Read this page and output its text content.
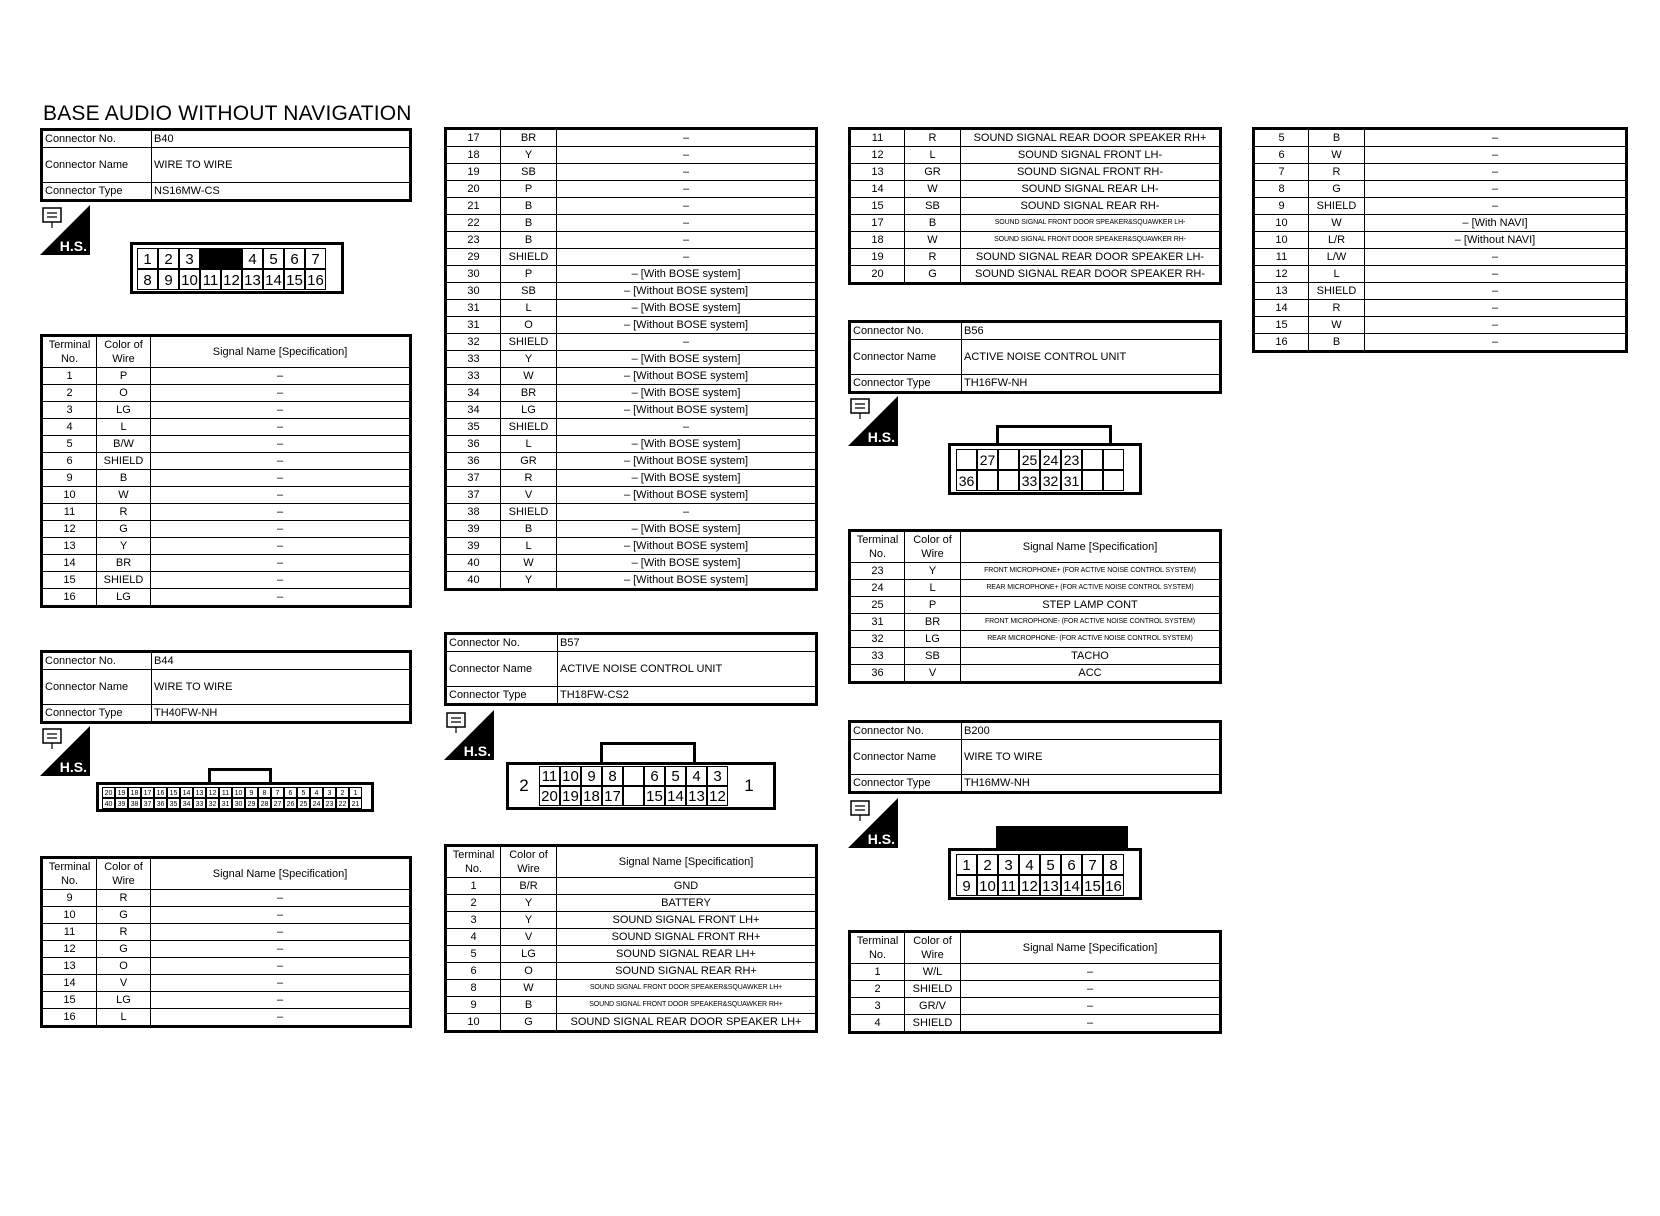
BASE AUDIO WITHOUT NAVIGATION
Connector No.	B40
Connector Name	WIRE TO WIRE
Connector Type	NS16MW-CS
H.S.
1 2 3	4 5 6 7
8 9 10 11 12 13 14 15 16
Terminal No.	Color of Wire	Signal Name [Specification]
1	P	–
2	O	–
3	LG	–
4	L	–
5	B/W	–
6	SHIELD	–
9	B	–
10	W	–
11	R	–
12	G	–
13	Y	–
14	BR	–
15	SHIELD	–
16	LG	–
Connector No.	B44
Connector Name	WIRE TO WIRE
Connector Type	TH40FW-NH
H.S.
20 19 18 17 16 15 14 13 12 11 10	9	8	7	6	5	4	3	2	1
40 39 38 37 36 35 34 33 32 31 30 29 28 27 26 25 24 23 22 21
Terminal No.	Color of Wire	Signal Name [Specification]
9	R	–
10	G	–
11	R	–
12	G	–
13	O	–
14	V	–
15	LG	–
16	L	–
17	BR	–
18	Y	–
19	SB	–
20	P	–
21	B	–
22	B	–
23	B	–
29	SHIELD	–
30	P	– [With BOSE system]
30	SB	– [Without BOSE system]
31	L	– [With BOSE system]
31	O	– [Without BOSE system]
32	SHIELD	–
33	Y	– [With BOSE system]
33	W	– [Without BOSE system]
34	BR	– [With BOSE system]
34	LG	– [Without BOSE system]
35	SHIELD	–
36	L	– [With BOSE system]
36	GR	– [Without BOSE system]
37	R	– [With BOSE system]
37	V	– [Without BOSE system]
38	SHIELD	–
39	B	– [With BOSE system]
39	L	– [Without BOSE system]
40	W	– [With BOSE system]
40	Y	– [Without BOSE system]
Connector No.	B57
Connector Name	ACTIVE NOISE CONTROL UNIT
Connector Type	TH18FW-CS2
H.S.
2 11 10 9 8	6 5 4 3
20 19 18 17 15 14 13 12
1
Terminal No.	Color of Wire	Signal Name [Specification]
1	B/R	GND
2	Y	BATTERY
3	Y	SOUND SIGNAL FRONT LH+
4	V	SOUND SIGNAL FRONT RH+
5	LG	SOUND SIGNAL REAR LH+
6	O	SOUND SIGNAL REAR RH+
8	W	SOUND SIGNAL FRONT DOOR SPEAKER&SQUAWKER LH+
9	B	SOUND SIGNAL FRONT DOOR SPEAKER&SQUAWKER RH+
10	G	SOUND SIGNAL REAR DOOR SPEAKER LH+
11	R	SOUND SIGNAL REAR DOOR SPEAKER RH+
12	L	SOUND SIGNAL FRONT LH-
13	GR	SOUND SIGNAL FRONT RH-
14	W	SOUND SIGNAL REAR LH-
15	SB	SOUND SIGNAL REAR RH-
17	B	SOUND SIGNAL FRONT DOOR SPEAKER&SQUAWKER LH-
18	W	SOUND SIGNAL FRONT DOOR SPEAKER&SQUAWKER RH-
19	R	SOUND SIGNAL REAR DOOR SPEAKER LH-
20	G	SOUND SIGNAL REAR DOOR SPEAKER RH-
Connector No.	B56
Connector Name	ACTIVE NOISE CONTROL UNIT
Connector Type	TH16FW-NH
H.S.
27 25 24 23
36	33 32 31
Terminal No.	Color of Wire	Signal Name [Specification]
23	Y	FRONT MICROPHONE+ (FOR ACTIVE NOISE CONTROL SYSTEM)
24	L	REAR MICROPHONE+ (FOR ACTIVE NOISE CONTROL SYSTEM)
25	P	STEP LAMP CONT
31	BR	FRONT MICROPHONE- (FOR ACTIVE NOISE CONTROL SYSTEM)
32	LG	REAR MICROPHONE- (FOR ACTIVE NOISE CONTROL SYSTEM)
33	SB	TACHO
36	V	ACC
Connector No.	B200
Connector Name	WIRE TO WIRE
Connector Type	TH16MW-NH
H.S.
1 2 3 4 5 6 7 8
9 10 11 12 13 14 15 16
Terminal No.	Color of Wire	Signal Name [Specification]
1	W/L	–
2	SHIELD	–
3	GR/V	–
4	SHIELD	–
5	B	–
6	W	–
7	R	–
8	G	–
9	SHIELD	–
10	W	– [With NAVI]
10	L/R	– [Without NAVI]
11	L/W	–
12	L	–
13	SHIELD	–
14	R	–
15	W	–
16	B	–
